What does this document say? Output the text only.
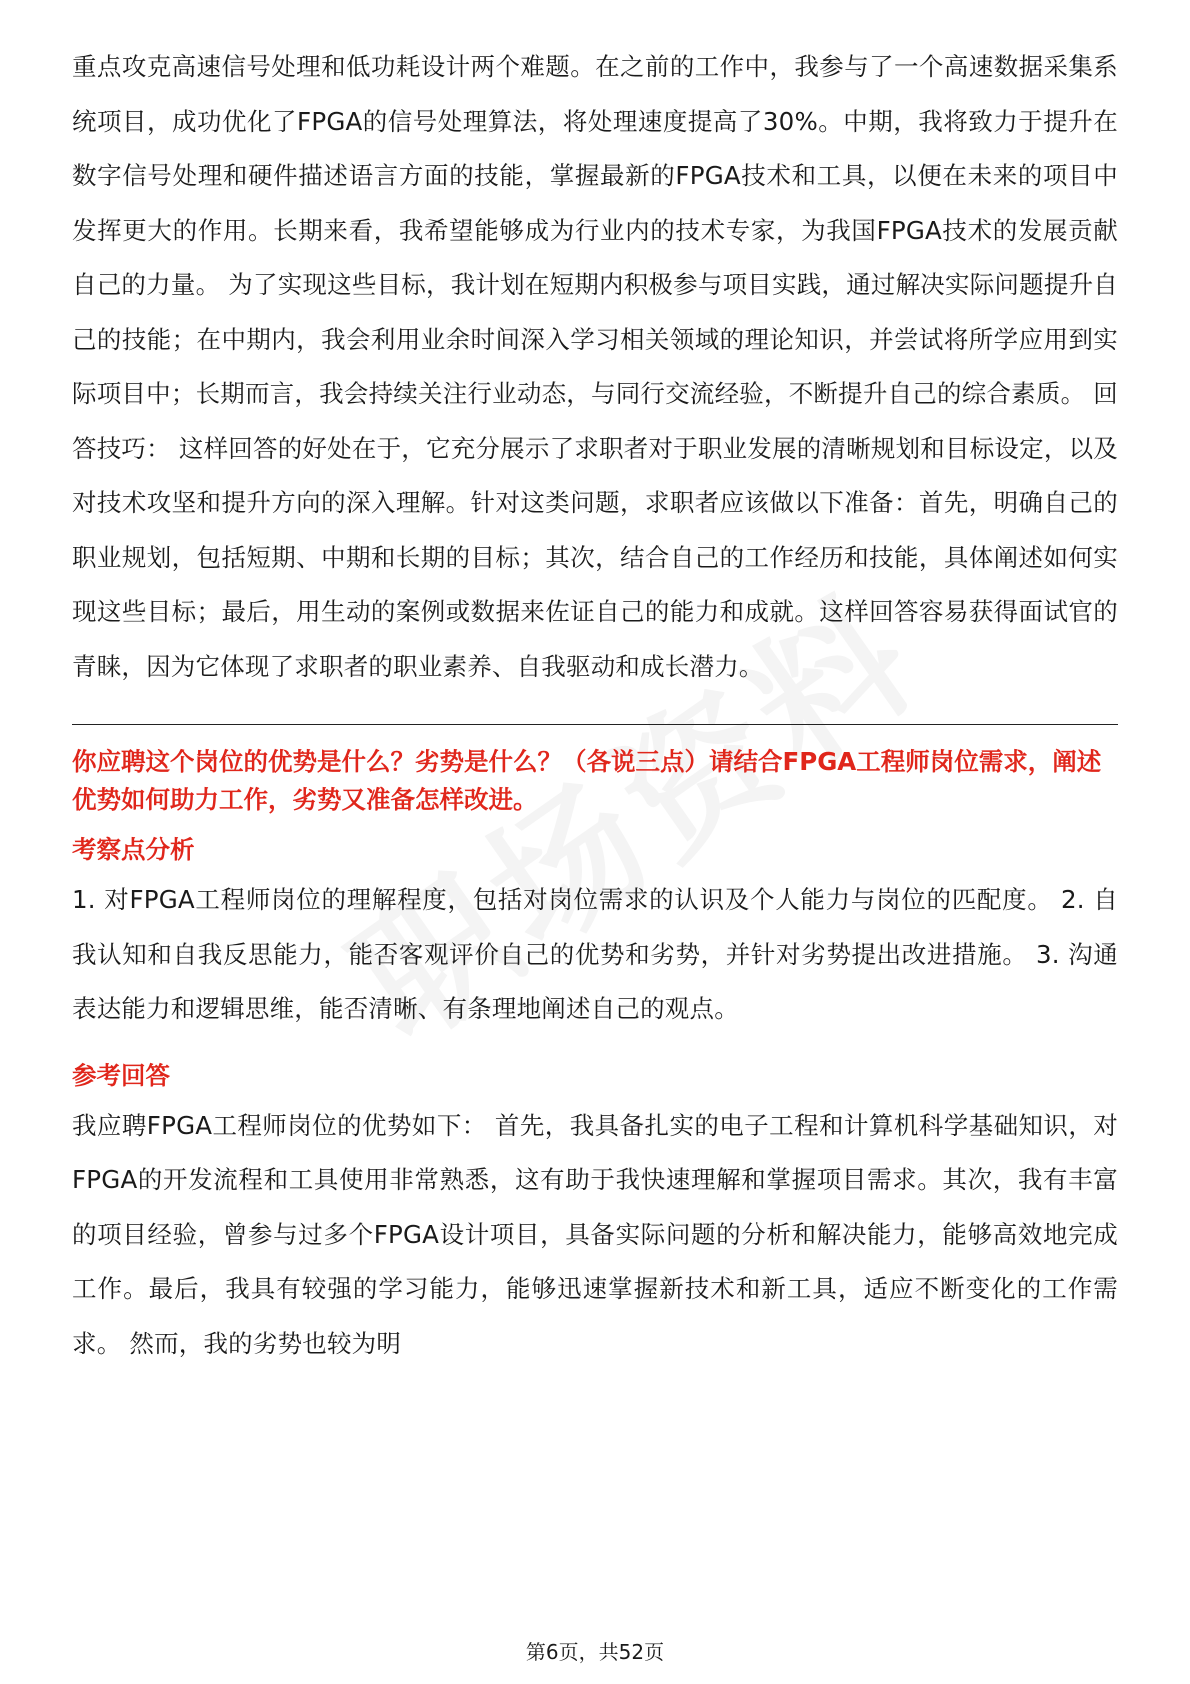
重点攻克高速信号处理和低功耗设计两个难题。在之前的工作中，我参与了一个高速数据采集系统项目，成功优化了FPGA的信号处理算法，将处理速度提高了30%。中期，我将致力于提升在数字信号处理和硬件描述语言方面的技能，掌握最新的FPGA技术和工具，以便在未来的项目中发挥更大的作用。长期来看，我希望能够成为行业内的技术专家，为我国FPGA技术的发展贡献自己的力量。 为了实现这些目标，我计划在短期内积极参与项目实践，通过解决实际问题提升自己的技能；在中期内，我会利用业余时间深入学习相关领域的理论知识，并尝试将所学应用到实际项目中；长期而言，我会持续关注行业动态，与同行交流经验，不断提升自己的综合素质。 回答技巧： 这样回答的好处在于，它充分展示了求职者对于职业发展的清晰规划和目标设定，以及对技术攻坚和提升方向的深入理解。针对这类问题，求职者应该做以下准备：首先，明确自己的职业规划，包括短期、中期和长期的目标；其次，结合自己的工作经历和技能，具体阐述如何实现这些目标；最后，用生动的案例或数据来佐证自己的能力和成就。这样回答容易获得面试官的青睐，因为它体现了求职者的职业素养、自我驱动和成长潜力。

你应聘这个岗位的优势是什么？劣势是什么？（各说三点）请结合FPGA工程师岗位需求，阐述优势如何助力工作，劣势又准备怎样改进。

考察点分析

1. 对FPGA工程师岗位的理解程度，包括对岗位需求的认识及个人能力与岗位的匹配度。 2. 自我认知和自我反思能力，能否客观评价自己的优势和劣势，并针对劣势提出改进措施。 3. 沟通表达能力和逻辑思维，能否清晰、有条理地阐述自己的观点。

参考回答

我应聘FPGA工程师岗位的优势如下： 首先，我具备扎实的电子工程和计算机科学基础知识，对FPGA的开发流程和工具使用非常熟悉，这有助于我快速理解和掌握项目需求。其次，我有丰富的项目经验，曾参与过多个FPGA设计项目，具备实际问题的分析和解决能力，能够高效地完成工作。最后，我具有较强的学习能力，能够迅速掌握新技术和新工具，适应不断变化的工作需求。 然而，我的劣势也较为明

第6页，共52页
